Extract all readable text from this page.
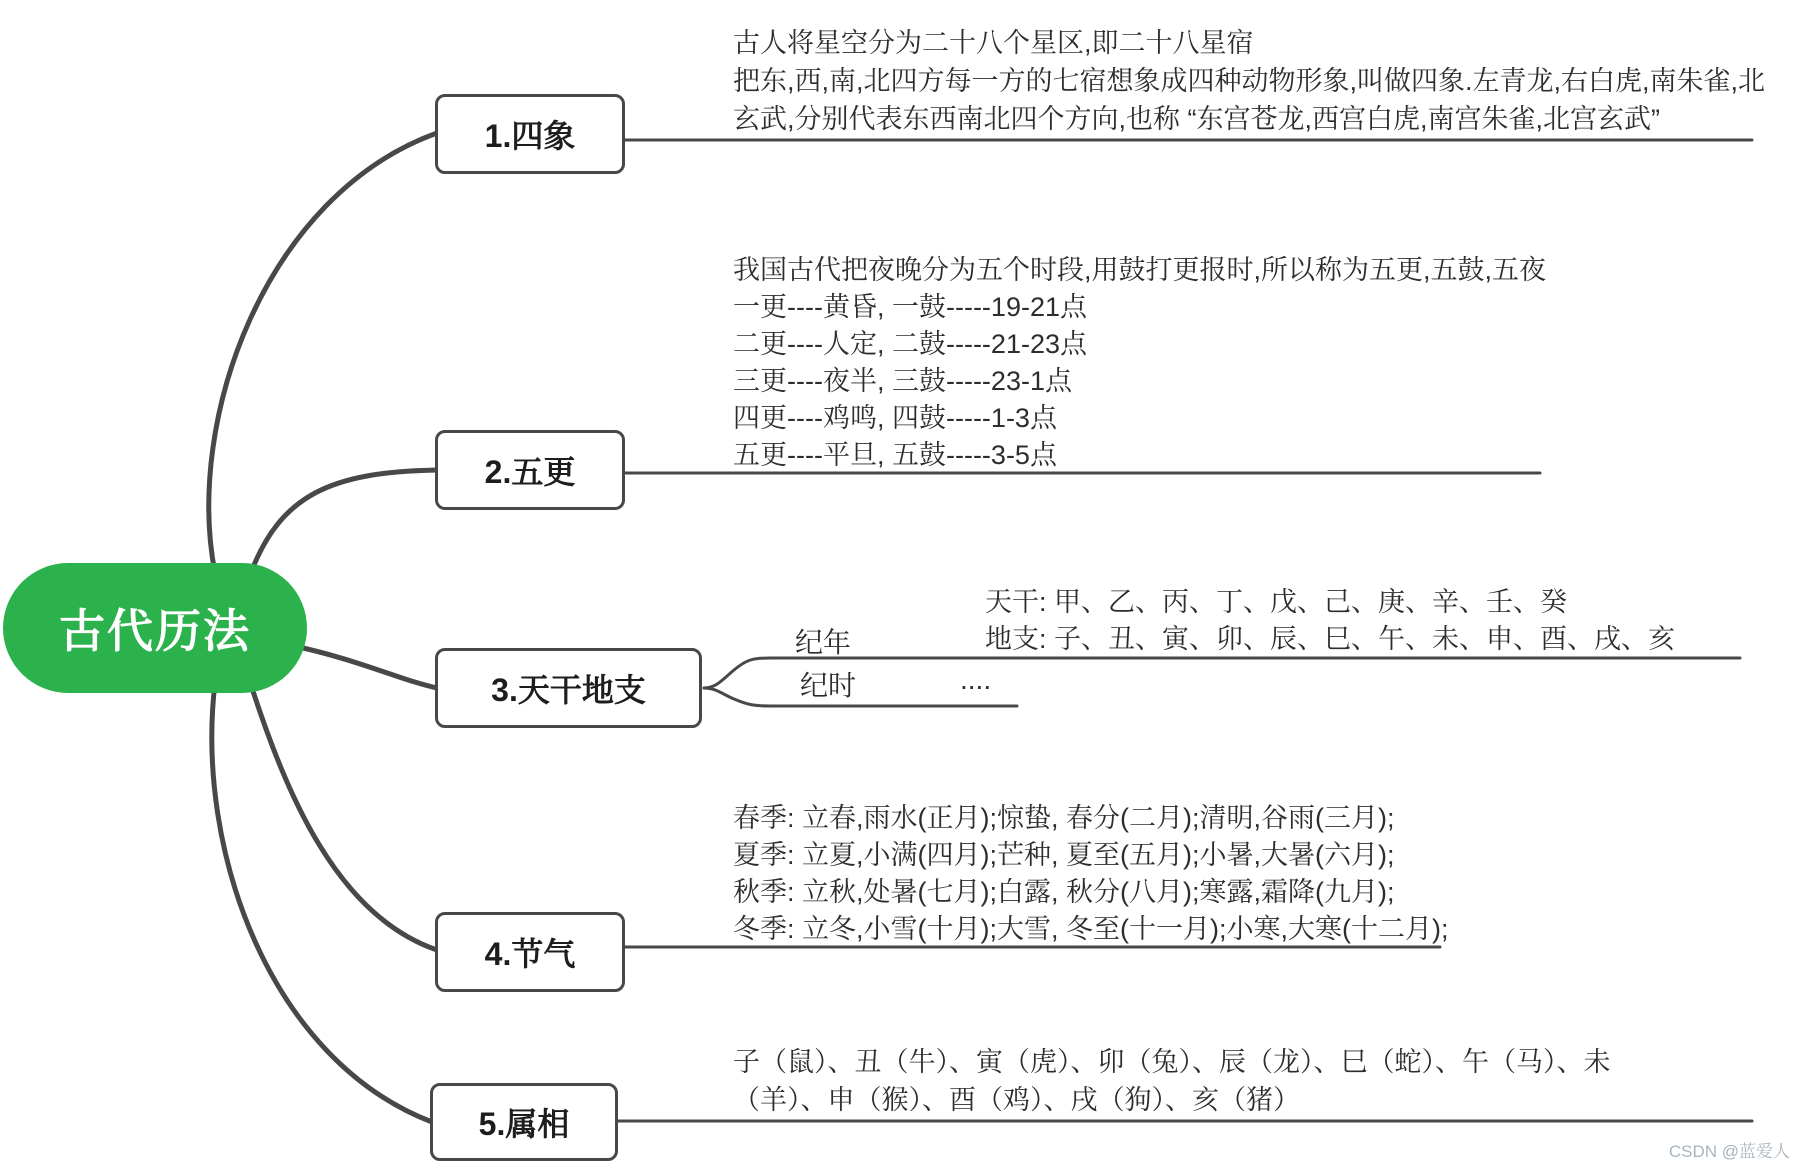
古代历法
1.四象
2.五更
3.天干地支
4.节气
5.属相
古人将星空分为二十八个星区,即二十八星宿
把东,西,南,北四方每一方的七宿想象成四种动物形象,叫做四象.左青龙,右白虎,南朱雀,北
玄武,分别代表东西南北四个方向,也称 “东宫苍龙,西宫白虎,南宫朱雀,北宫玄武”
我国古代把夜晚分为五个时段,用鼓打更报时,所以称为五更,五鼓,五夜
一更----黄昏, 一鼓-----19-21点
二更----人定, 二鼓-----21-23点
三更----夜半, 三鼓-----23-1点
四更----鸡鸣, 四鼓-----1-3点
五更----平旦, 五鼓-----3-5点
纪年
天干: 甲、乙、丙、丁、戊、己、庚、辛、壬、癸
地支: 子、丑、寅、卯、辰、巳、午、未、申、酉、戌、亥
纪时	....
春季: 立春,雨水(正月);惊蛰, 春分(二月);清明,谷雨(三月);
夏季: 立夏,小满(四月);芒种, 夏至(五月);小暑,大暑(六月);
秋季: 立秋,处暑(七月);白露, 秋分(八月);寒露,霜降(九月);
冬季: 立冬,小雪(十月);大雪, 冬至(十一月);小寒,大寒(十二月);
子（鼠）、丑（牛）、寅（虎）、卯（兔）、辰（龙）、巳（蛇）、午（马）、未
（羊）、申（猴）、酉（鸡）、戌（狗）、亥（猪）
CSDN @蓝爱人
